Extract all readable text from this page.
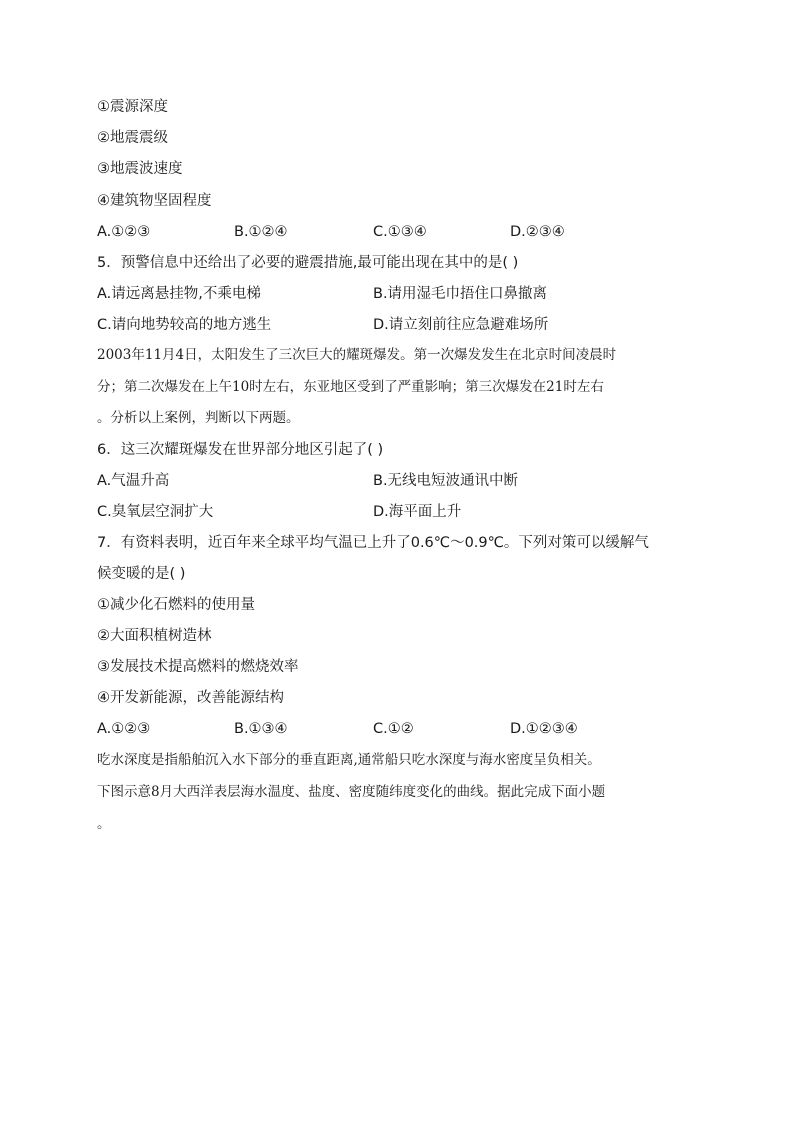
①震源深度
②地震震级
③地震波速度
④建筑物坚固程度
A.①②③	B.①②④	C.①③④	D.②③④
5．预警信息中还给出了必要的避震措施,最可能出现在其中的是( )
A.请远离悬挂物,不乘电梯	B.请用湿毛巾捂住口鼻撤离
C.请向地势较高的地方逃生	D.请立刻前往应急避难场所
2003年11月4日，太阳发生了三次巨大的耀斑爆发。第一次爆发发生在北京时间凌晨时
分；第二次爆发在上午10时左右，东亚地区受到了严重影响；第三次爆发在21时左右
。分析以上案例，判断以下两题。
6．这三次耀斑爆发在世界部分地区引起了( )
A.气温升高	B.无线电短波通讯中断
C.臭氧层空洞扩大	D.海平面上升
7．有资料表明，近百年来全球平均气温已上升了0.6℃～0.9℃。下列对策可以缓解气
候变暖的是( )
①减少化石燃料的使用量
②大面积植树造林
③发展技术提高燃料的燃烧效率
④开发新能源，改善能源结构
A.①②③	B.①③④	C.①②	D.①②③④
吃水深度是指船舶沉入水下部分的垂直距离,通常船只吃水深度与海水密度呈负相关。
下图示意8月大西洋表层海水温度、盐度、密度随纬度变化的曲线。据此完成下面小题
。
